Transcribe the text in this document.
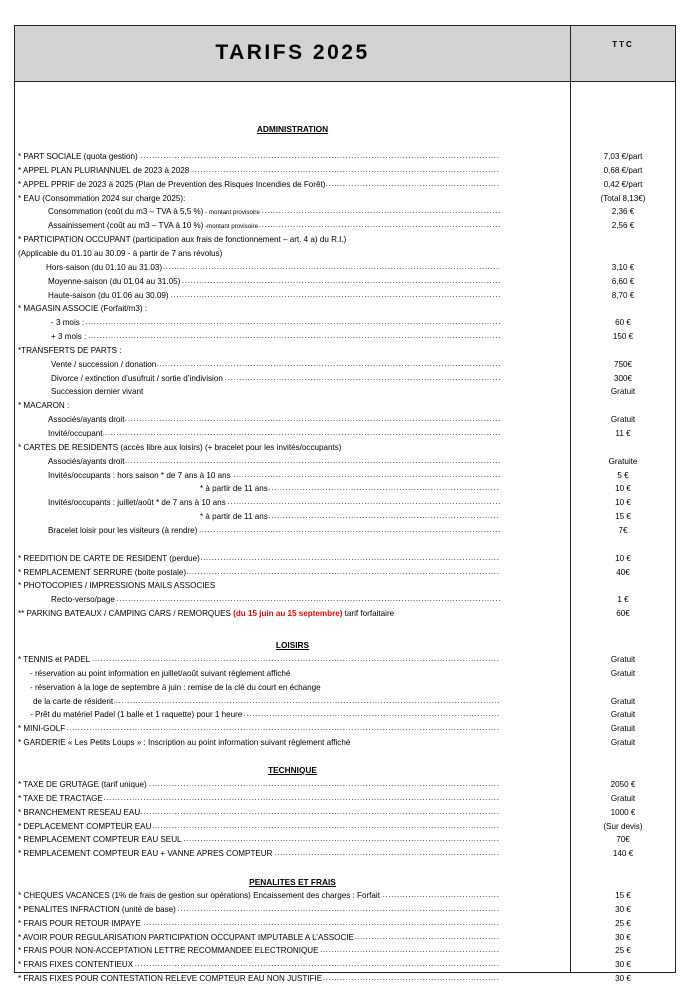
TARIFS 2025	TTC
ADMINISTRATION
* PART SOCIALE (quota gestion) .....	7,03 €/part
* APPEL PLAN PLURIANNUEL de 2023 à 2028 .....	0,68 €/part
* APPEL PPRIF de 2023 à 2025 (Plan de Prevention des Risques Incendies de Forêt) .....	0,42 €/part
* EAU (Consommation 2024 sur charge 2025):	(Total 8,13€)
Consommation (coût du m3 – TVA à 5,5 %) - montant provisoire .....	2,36 €
Assainissement (coût au m3 – TVA à 10 %) -montant provisoire .....	2,56 €
* PARTICIPATION OCCUPANT (participation aux frais de fonctionnement – art. 4 a) du R.I.)
(Applicable du 01.10 au 30.09 - à partir de 7 ans révolus)
Hors-saison (du 01.10 au 31.03) .....	3,10 €
Moyenne-saison (du 01.04 au 31.05) .....	6,60 €
Haute-saison (du 01.06 au 30.09) .....	8,70 €
* MAGASIN ASSOCIE (Forfait/m3) :
- 3 mois : .....	60 €
+ 3 mois : .....	150 €
*TRANSFERTS DE PARTS :
Vente / succession / donation .....	750€
Divorce / extinction d’usufruit / sortie d’indivision .....	300€
Succession dernier vivant	Gratuit
* MACARON :
Associés/ayants droit .....	Gratuit
Invité/occupant .....	11 €
* CARTES DE RESIDENTS (accès libre aux loisirs) (+ bracelet pour les invités/occupants)
Associés/ayants droit .....	Gratuite
Invités/occupants : hors saison * de 7 ans à 10 ans .....	5 €
* à partir de 11 ans .....	10 €
Invités/occupants : juillet/août * de 7 ans à 10 ans .....	10 €
* à partir de 11 ans .....	15 €
Bracelet loisir pour les visiteurs (à rendre) .....	7€
* REEDITION DE CARTE DE RESIDENT (perdue) .....	10 €
* REMPLACEMENT SERRURE (boite postale) .....	40€
* PHOTOCOPIES / IMPRESSIONS MAILS ASSOCIES
Recto-verso/page .....	1 €
** PARKING BATEAUX / CAMPING CARS / REMORQUES (du 15 juin au 15 septembre) tarif forfaitaire	60€
LOISIRS
* TENNIS et PADEL .....	Gratuit
- réservation au point information en juillet/août suivant règlement affiché	Gratuit
- réservation à la loge de septembre à juin : remise de la clé du court en échange
de la carte de résident .....	Gratuit
- Prêt du matériel Padel (1 balle et 1 raquette) pour 1 heure .....	Gratuit
* MINI-GOLF .....	Gratuit
* GARDERIE « Les Petits Loups » : Inscription au point information suivant règlement affiché	Gratuit
TECHNIQUE
* TAXE DE GRUTAGE (tarif unique) .....	2050 €
* TAXE DE TRACTAGE .....	Gratuit
* BRANCHEMENT RESEAU EAU .....	1000 €
* DEPLACEMENT COMPTEUR EAU .....	(Sur devis)
* REMPLACEMENT COMPTEUR EAU SEUL .....	70€
* REMPLACEMENT COMPTEUR EAU + VANNE APRES COMPTEUR .....	140 €
PENALITES ET FRAIS
* CHEQUES VACANCES (1% de frais de gestion sur opérations) Encaissement des charges : Forfait .....	15 €
* PENALITES INFRACTION (unité de base) .....	30 €
* FRAIS POUR RETOUR IMPAYE .....	25 €
* AVOIR POUR REGULARISATION PARTICIPATION OCCUPANT IMPUTABLE A L’ASSOCIE .....	30 €
* FRAIS POUR NON-ACCEPTATION LETTRE RECOMMANDEE ELECTRONIQUE .....	25 €
* FRAIS FIXES CONTENTIEUX .....	30 €
* FRAIS FIXES POUR CONTESTATION RELEVE COMPTEUR EAU NON JUSTIFIE .....	30 €
